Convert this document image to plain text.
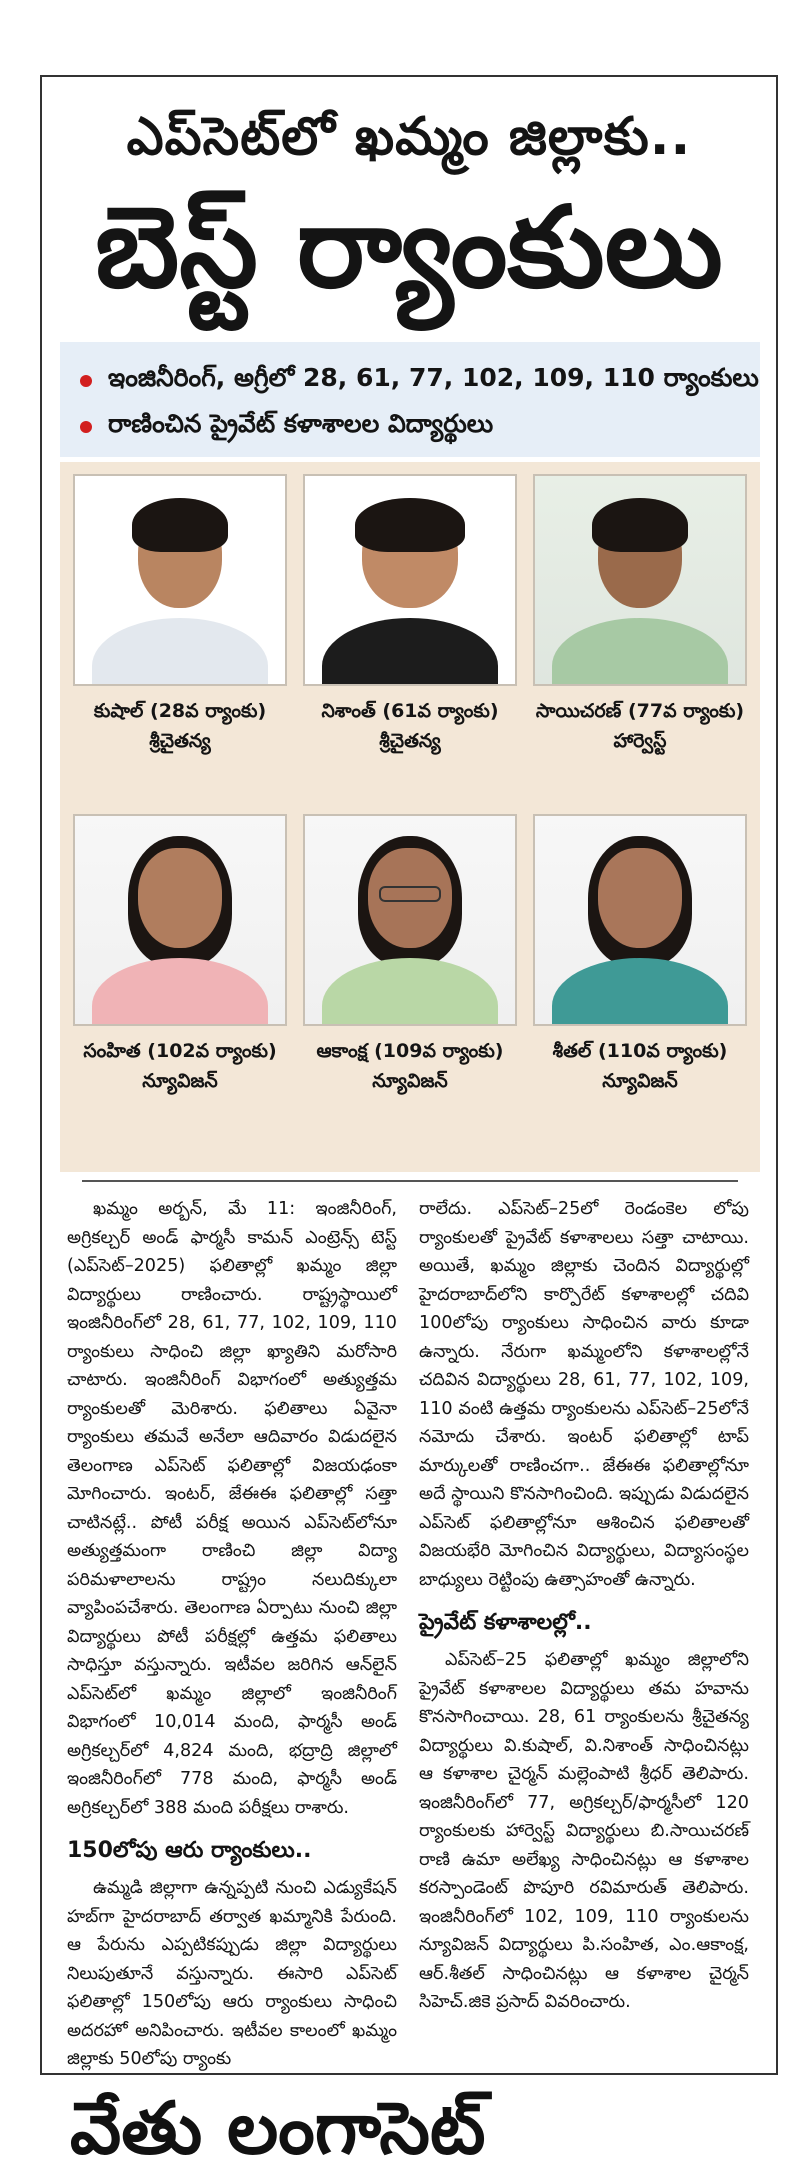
ఎప్‌సెట్‌లో ఖమ్మం జిల్లాకు..
బెస్ట్ ర్యాంకులు
ఇంజినీరింగ్, అగ్రీలో 28, 61, 77, 102, 109, 110 ర్యాంకులు
రాణించిన ప్రైవేట్ కళాశాలల విద్యార్థులు
కుషాల్ (28వ ర్యాంకు)
శ్రీచైతన్య
నిశాంత్ (61వ ర్యాంకు)
శ్రీచైతన్య
సాయిచరణ్ (77వ ర్యాంకు)
హార్వెస్ట్
సంహిత (102వ ర్యాంకు)
న్యూవిజన్
ఆకాంక్ష (109వ ర్యాంకు)
న్యూవిజన్
శీతల్ (110వ ర్యాంకు)
న్యూవిజన్

ఖమ్మం అర్బన్, మే 11: ఇంజినీరింగ్, అగ్రికల్చర్ అండ్ ఫార్మసీ కామన్ ఎంట్రెన్స్ టెస్ట్ (ఎప్‌సెట్–2025) ఫలితాల్లో ఖమ్మం జిల్లా విద్యార్థులు రాణించారు. రాష్ట్రస్థాయిలో ఇంజినీరింగ్‌లో 28, 61, 77, 102, 109, 110 ర్యాంకులు సాధించి జిల్లా ఖ్యాతిని మరోసారి చాటారు. ఇంజినీరింగ్ విభాగంలో అత్యుత్తమ ర్యాంకులతో మెరిశారు. ఫలితాలు ఏవైనా ర్యాంకులు తమవే అనేలా ఆదివారం విడుదలైన తెలంగాణ ఎప్‌సెట్ ఫలితాల్లో విజయఢంకా మోగించారు. ఇంటర్, జేఈఈ ఫలితాల్లో సత్తా చాటినట్లే.. పోటీ పరీక్ష అయిన ఎప్‌సెట్‌లోనూ అత్యుత్తమంగా రాణించి జిల్లా విద్యా పరిమళాలాలను రాష్ట్రం నలుదిక్కులా వ్యాపింపచేశారు. తెలంగాణ ఏర్పాటు నుంచి జిల్లా విద్యార్థులు పోటీ పరీక్షల్లో ఉత్తమ ఫలితాలు సాధిస్తూ వస్తున్నారు. ఇటీవల జరిగిన ఆన్‌లైన్ ఎప్‌సెట్‌లో ఖమ్మం జిల్లాలో ఇంజినీరింగ్ విభాగంలో 10,014 మంది, ఫార్మసీ అండ్ అగ్రికల్చర్‌లో 4,824 మంది, భద్రాద్రి జిల్లాలో ఇంజినీరింగ్‌లో 778 మంది, ఫార్మసీ అండ్ అగ్రికల్చర్‌లో 388 మంది పరీక్షలు రాశారు.

150లోపు ఆరు ర్యాంకులు..

ఉమ్మడి జిల్లాగా ఉన్నప్పటి నుంచి ఎడ్యుకేషన్ హబ్‌గా హైదరాబాద్ తర్వాత ఖమ్మానికి పేరుంది. ఆ పేరును ఎప్పటికప్పుడు జిల్లా విద్యార్థులు నిలుపుతూనే వస్తున్నారు. ఈసారి ఎప్‌సెట్ ఫలితాల్లో 150లోపు ఆరు ర్యాంకులు సాధించి అదరహో అనిపించారు. ఇటీవల కాలంలో ఖమ్మం జిల్లాకు 50లోపు ర్యాంకు

రాలేదు. ఎప్‌సెట్–25లో రెండంకెల లోపు ర్యాంకులతో ప్రైవేట్ కళాశాలలు సత్తా చాటాయి. అయితే, ఖమ్మం జిల్లాకు చెందిన విద్యార్థుల్లో హైదరాబాద్‌లోని కార్పొరేట్ కళాశాలల్లో చదివి 100లోపు ర్యాంకులు సాధించిన వారు కూడా ఉన్నారు. నేరుగా ఖమ్మంలోని కళాశాలల్లోనే చదివిన విద్యార్థులు 28, 61, 77, 102, 109, 110 వంటి ఉత్తమ ర్యాంకులను ఎప్‌సెట్–25లోనే నమోదు చేశారు. ఇంటర్ ఫలితాల్లో టాప్ మార్కులతో రాణించగా.. జేఈఈ ఫలితాల్లోనూ అదే స్థాయిని కొనసాగించింది. ఇప్పుడు విడుదలైన ఎప్‌సెట్ ఫలితాల్లోనూ ఆశించిన ఫలితాలతో విజయభేరి మోగించిన విద్యార్థులు, విద్యాసంస్థల బాధ్యులు రెట్టింపు ఉత్సాహంతో ఉన్నారు.

ప్రైవేట్ కళాశాలల్లో..

ఎప్‌సెట్–25 ఫలితాల్లో ఖమ్మం జిల్లాలోని ప్రైవేట్ కళాశాలల విద్యార్థులు తమ హవాను కొనసాగించాయి. 28, 61 ర్యాంకులను శ్రీచైతన్య విద్యార్థులు వి.కుషాల్, వి.నిశాంత్ సాధించినట్లు ఆ కళాశాల చైర్మన్ మల్లెంపాటి శ్రీధర్ తెలిపారు. ఇంజినీరింగ్‌లో 77, అగ్రికల్చర్/ఫార్మసీలో 120 ర్యాంకులకు హార్వెస్ట్ విద్యార్థులు బి.సాయిచరణ్ రాణి ఉమా అలేఖ్య సాధించినట్లు ఆ కళాశాల కరస్పాండెంట్ పొపూరి రవిమారుత్ తెలిపారు. ఇంజినీరింగ్‌లో 102, 109, 110 ర్యాంకులను న్యూవిజన్ విద్యార్థులు పి.సంహిత, ఎం.ఆకాంక్ష, ఆర్.శీతల్ సాధించినట్లు ఆ కళాశాల చైర్మన్ సిహెచ్.జికె ప్రసాద్ వివరించారు.

వేతు లంగాసెట్
